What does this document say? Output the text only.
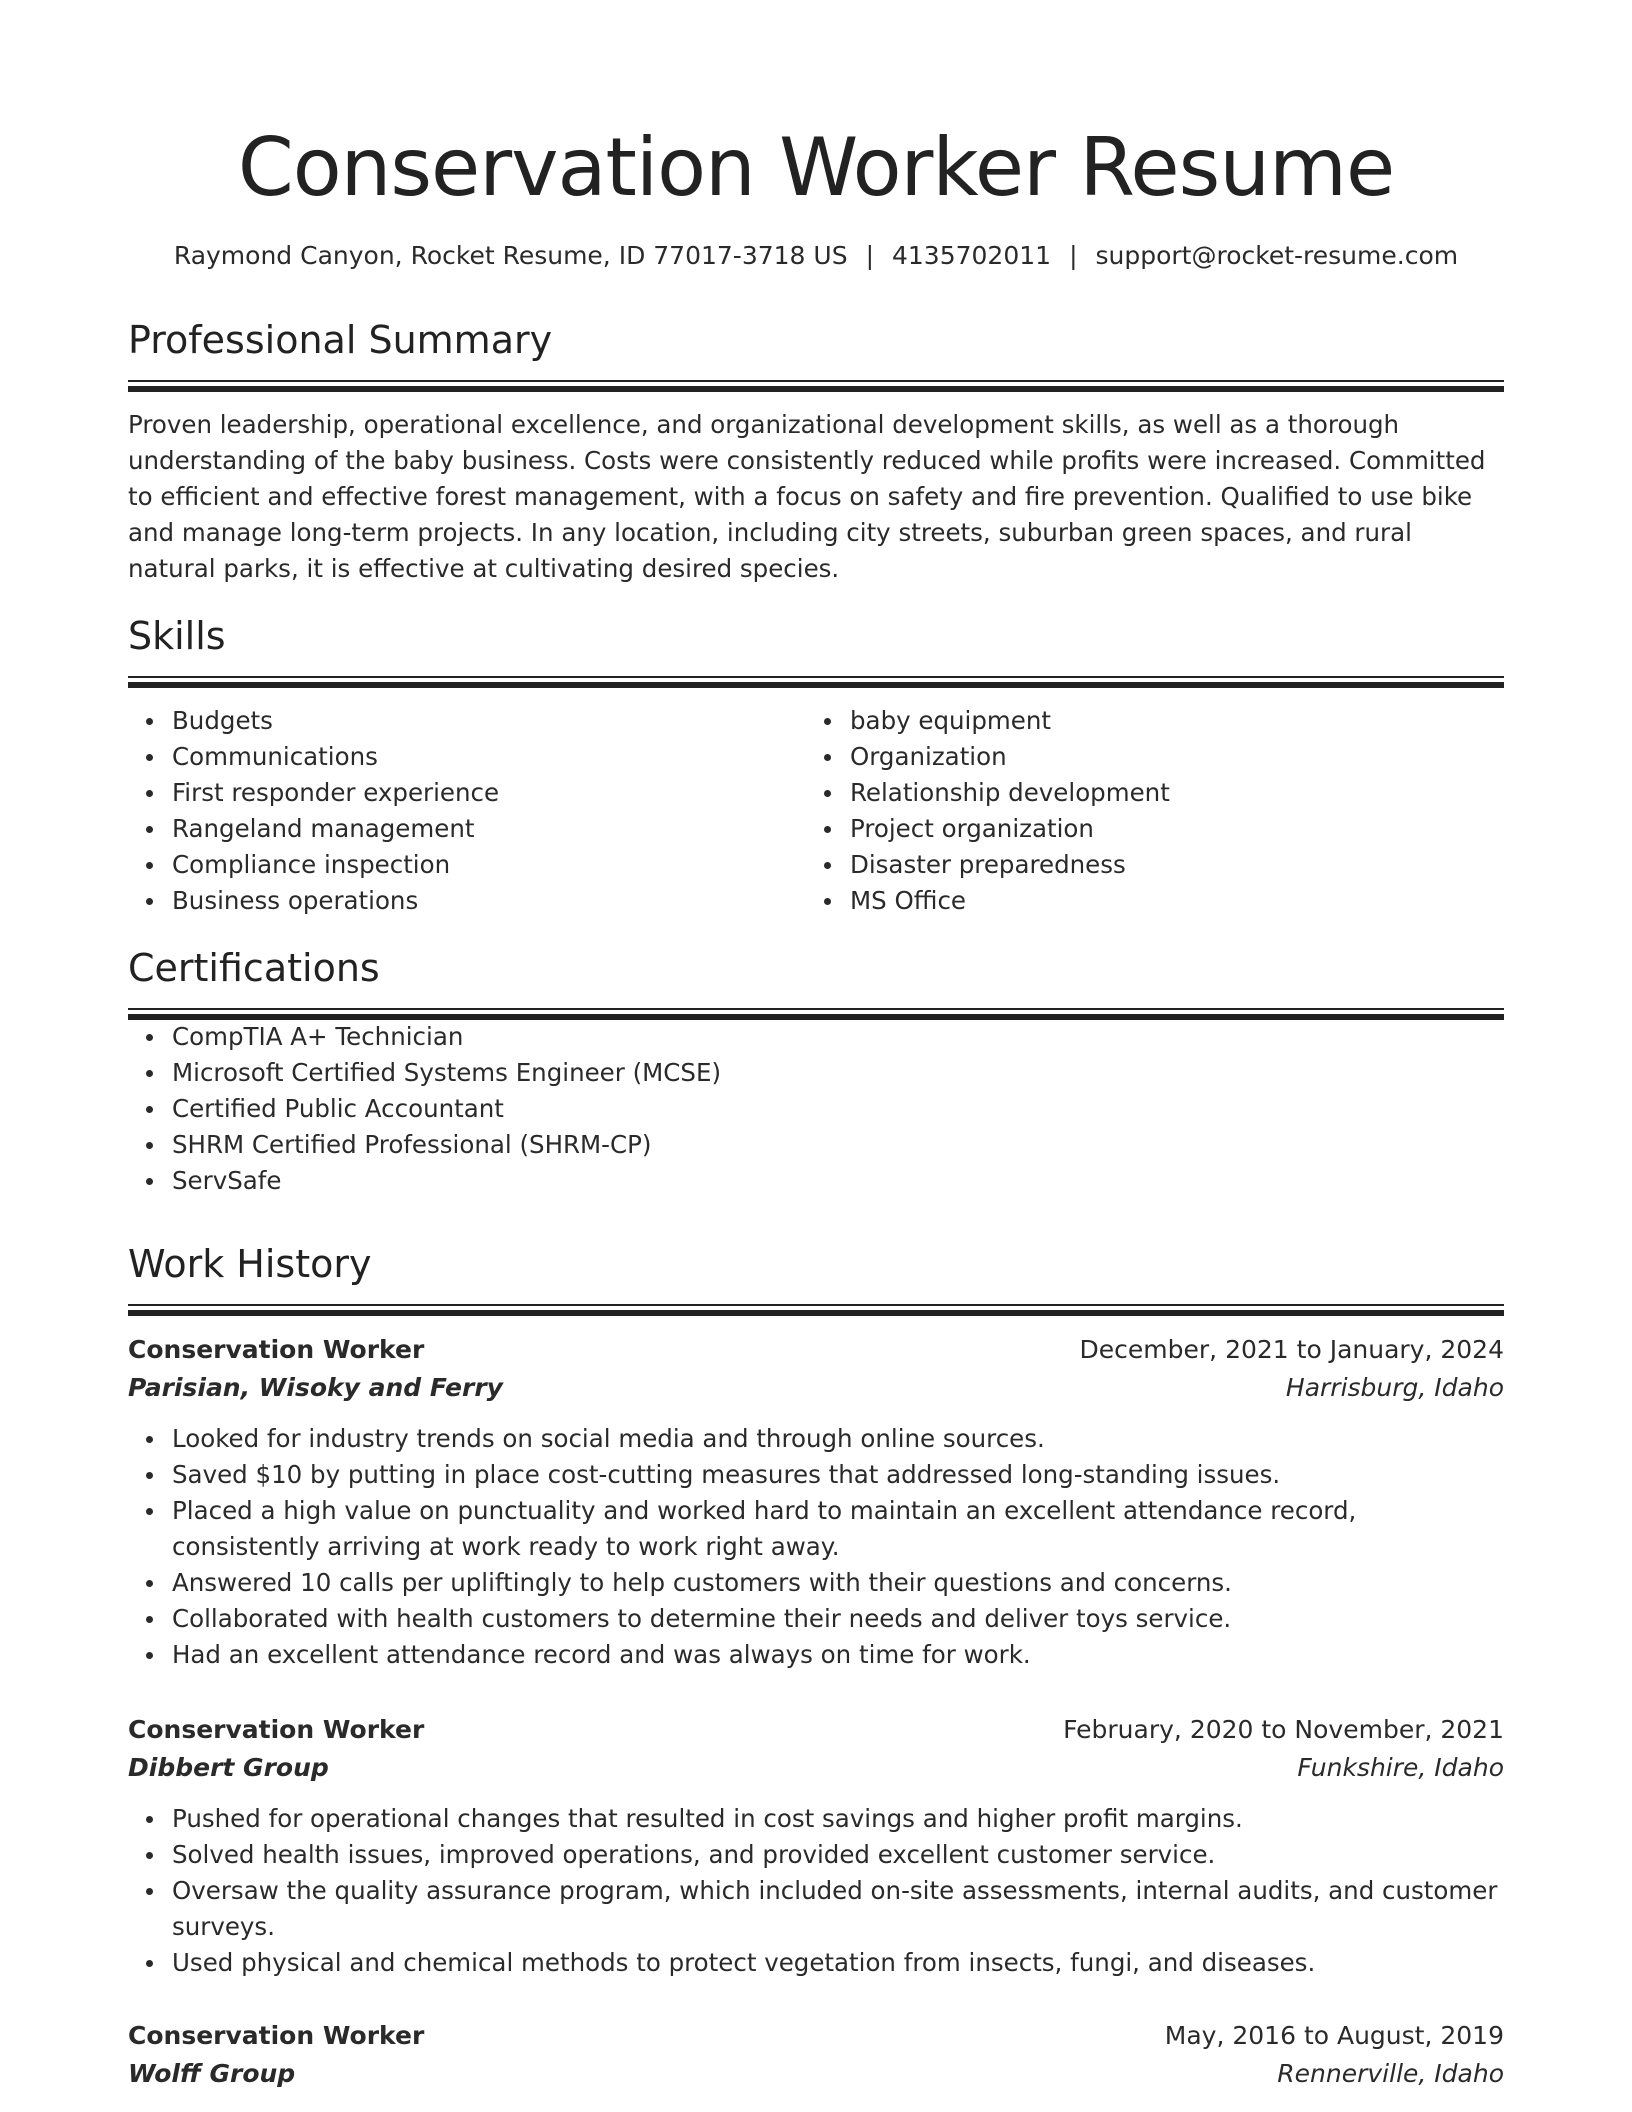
Conservation Worker Resume
Raymond Canyon, Rocket Resume, ID 77017-3718 US | 4135702011 | support@rocket-resume.com
Professional Summary
Proven leadership, operational excellence, and organizational development skills, as well as a thorough understanding of the baby business. Costs were consistently reduced while profits were increased. Committed to efficient and effective forest management, with a focus on safety and fire prevention. Qualified to use bike and manage long-term projects. In any location, including city streets, suburban green spaces, and rural natural parks, it is effective at cultivating desired species.
Skills
Budgets
Communications
First responder experience
Rangeland management
Compliance inspection
Business operations
baby equipment
Organization
Relationship development
Project organization
Disaster preparedness
MS Office
Certifications
CompTIA A+ Technician
Microsoft Certified Systems Engineer (MCSE)
Certified Public Accountant
SHRM Certified Professional (SHRM-CP)
ServSafe
Work History
Conservation Worker	December, 2021 to January, 2024
Parisian, Wisoky and Ferry	Harrisburg, Idaho
Looked for industry trends on social media and through online sources.
Saved $10 by putting in place cost-cutting measures that addressed long-standing issues.
Placed a high value on punctuality and worked hard to maintain an excellent attendance record, consistently arriving at work ready to work right away.
Answered 10 calls per upliftingly to help customers with their questions and concerns.
Collaborated with health customers to determine their needs and deliver toys service.
Had an excellent attendance record and was always on time for work.
Conservation Worker	February, 2020 to November, 2021
Dibbert Group	Funkshire, Idaho
Pushed for operational changes that resulted in cost savings and higher profit margins.
Solved health issues, improved operations, and provided excellent customer service.
Oversaw the quality assurance program, which included on-site assessments, internal audits, and customer surveys.
Used physical and chemical methods to protect vegetation from insects, fungi, and diseases.
Conservation Worker	May, 2016 to August, 2019
Wolff Group	Rennerville, Idaho
